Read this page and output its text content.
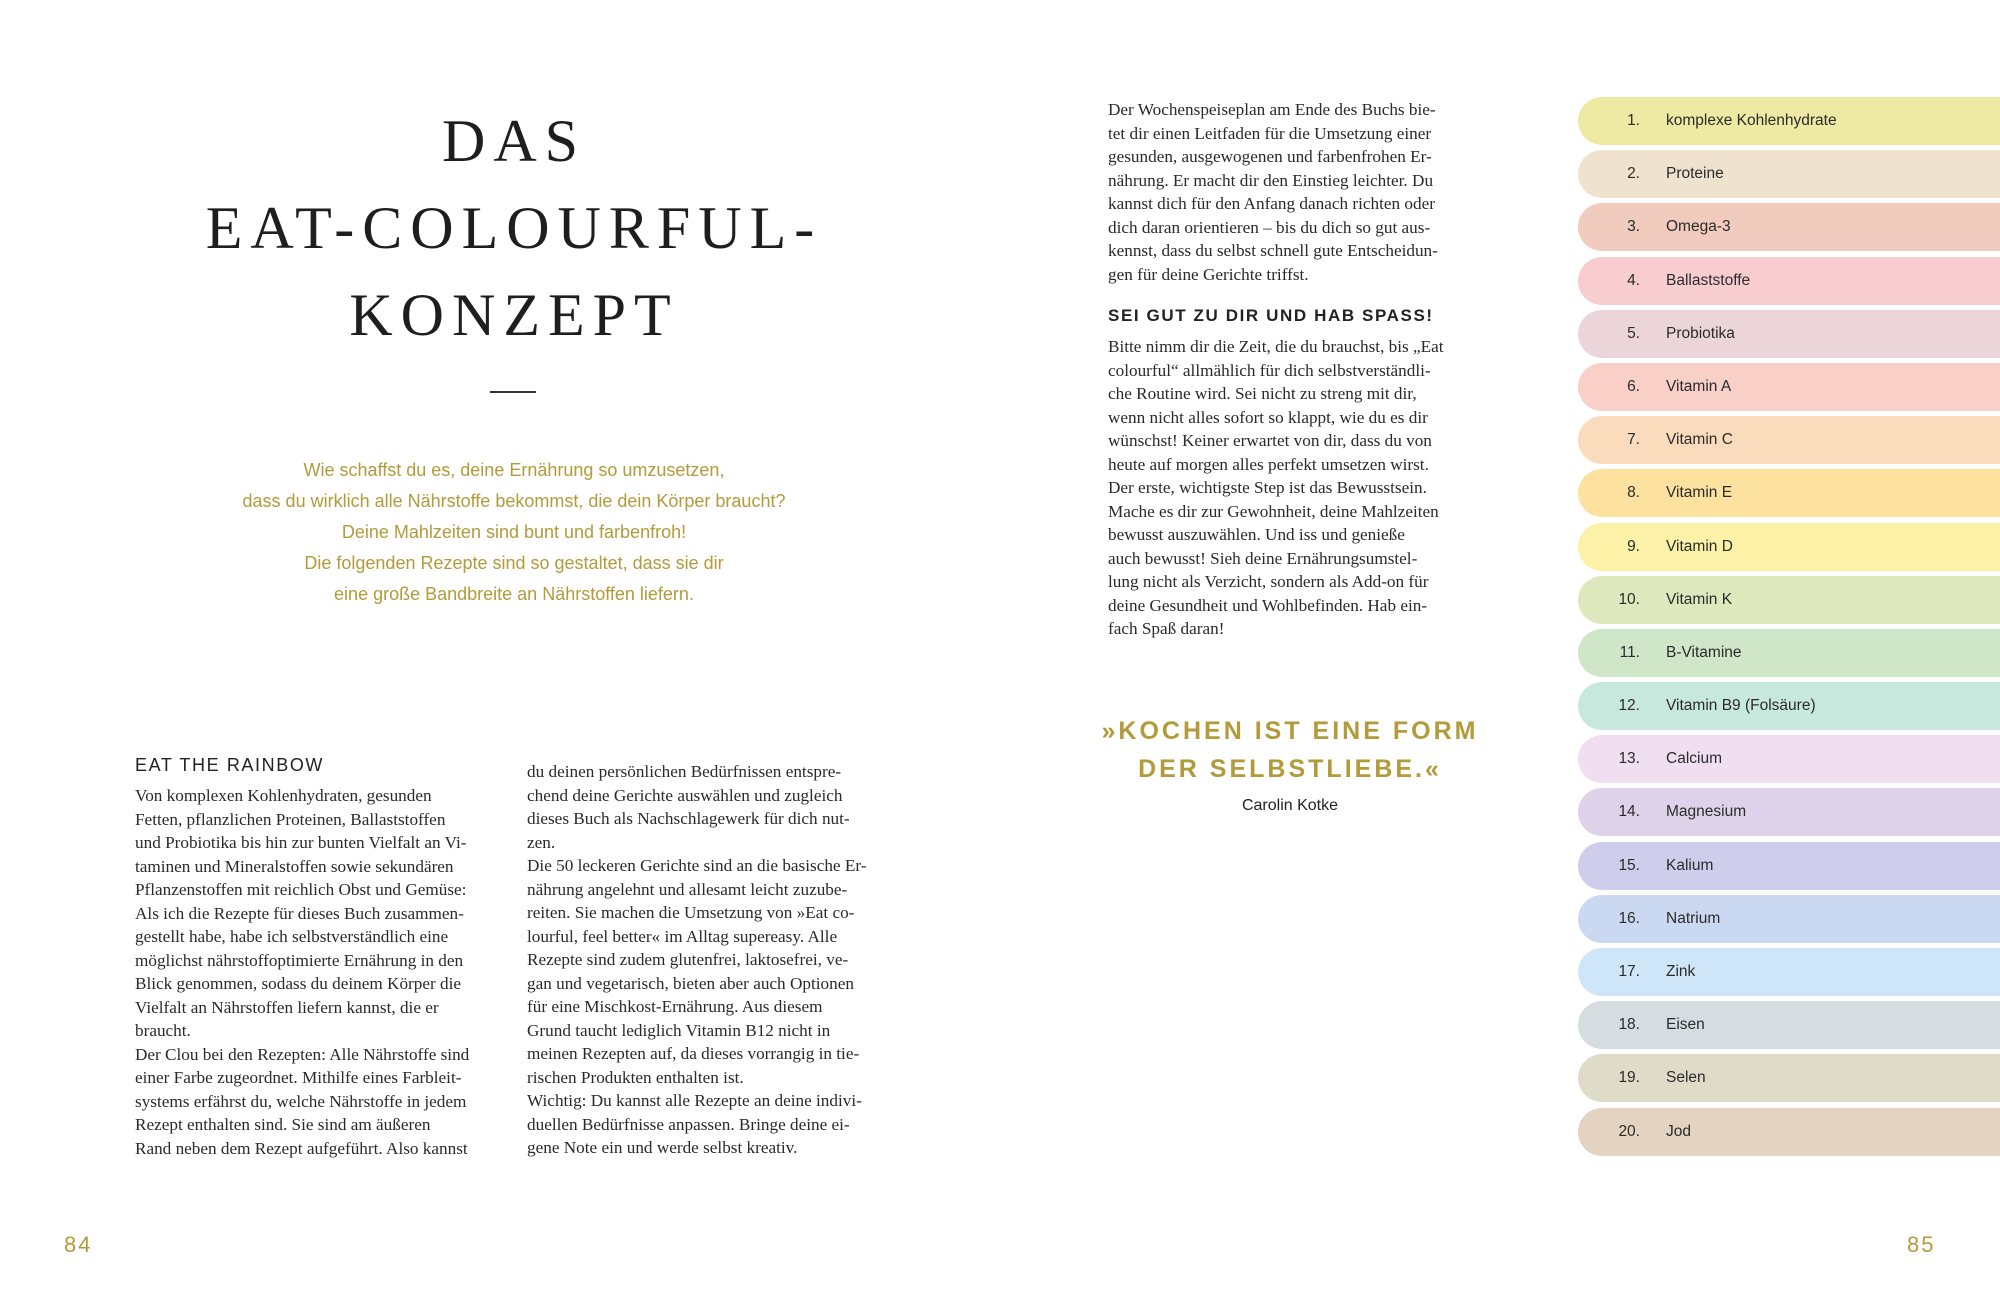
DAS
EAT-COLOURFUL-
KONZEPT
Wie schaffst du es, deine Ernährung so umzusetzen,
dass du wirklich alle Nährstoffe bekommst, die dein Körper braucht?
Deine Mahlzeiten sind bunt und farbenfroh!
Die folgenden Rezepte sind so gestaltet, dass sie dir
eine große Bandbreite an Nährstoffen liefern.
EAT THE RAINBOW
Von komplexen Kohlenhydraten, gesunden
Fetten, pflanzlichen Proteinen, Ballaststoffen
und Probiotika bis hin zur bunten Vielfalt an Vi-
taminen und Mineralstoffen sowie sekundären
Pflanzenstoffen mit reichlich Obst und Gemüse:
Als ich die Rezepte für dieses Buch zusammen-
gestellt habe, habe ich selbstverständlich eine
möglichst nährstoffoptimierte Ernährung in den
Blick genommen, sodass du deinem Körper die
Vielfalt an Nährstoffen liefern kannst, die er
braucht.
Der Clou bei den Rezepten: Alle Nährstoffe sind
einer Farbe zugeordnet. Mithilfe eines Farbleit-
systems erfährst du, welche Nährstoffe in jedem
Rezept enthalten sind. Sie sind am äußeren
Rand neben dem Rezept aufgeführt. Also kannst
du deinen persönlichen Bedürfnissen entspre-
chend deine Gerichte auswählen und zugleich
dieses Buch als Nachschlagewerk für dich nut-
zen.
Die 50 leckeren Gerichte sind an die basische Er-
nährung angelehnt und allesamt leicht zuzube-
reiten. Sie machen die Umsetzung von »Eat co-
lourful, feel better« im Alltag supereasy. Alle
Rezepte sind zudem glutenfrei, laktosefrei, ve-
gan und vegetarisch, bieten aber auch Optionen
für eine Mischkost-Ernährung. Aus diesem
Grund taucht lediglich Vitamin B12 nicht in
meinen Rezepten auf, da dieses vorrangig in tie-
rischen Produkten enthalten ist.
Wichtig: Du kannst alle Rezepte an deine indivi-
duellen Bedürfnisse anpassen. Bringe deine ei-
gene Note ein und werde selbst kreativ.
84
Der Wochenspeiseplan am Ende des Buchs bie-
tet dir einen Leitfaden für die Umsetzung einer
gesunden, ausgewogenen und farbenfrohen Er-
nährung. Er macht dir den Einstieg leichter. Du
kannst dich für den Anfang danach richten oder
dich daran orientieren – bis du dich so gut aus-
kennst, dass du selbst schnell gute Entscheidun-
gen für deine Gerichte triffst.
SEI GUT ZU DIR UND HAB SPASS!
Bitte nimm dir die Zeit, die du brauchst, bis „Eat
colourful“ allmählich für dich selbstverständli-
che Routine wird. Sei nicht zu streng mit dir,
wenn nicht alles sofort so klappt, wie du es dir
wünschst! Keiner erwartet von dir, dass du von
heute auf morgen alles perfekt umsetzen wirst.
Der erste, wichtigste Step ist das Bewusstsein.
Mache es dir zur Gewohnheit, deine Mahlzeiten
bewusst auszuwählen. Und iss und genieße
auch bewusst! Sieh deine Ernährungsumstel-
lung nicht als Verzicht, sondern als Add-on für
deine Gesundheit und Wohlbefinden. Hab ein-
fach Spaß daran!
»KOCHEN IST EINE FORM
DER SELBSTLIEBE.«
Carolin Kotke
1.	komplexe Kohlenhydrate
2.	Proteine
3.	Omega-3
4.	Ballaststoffe
5.	Probiotika
6.	Vitamin A
7.	Vitamin C
8.	Vitamin E
9.	Vitamin D
10.	Vitamin K
11.	B-Vitamine
12.	Vitamin B9 (Folsäure)
13.	Calcium
14.	Magnesium
15.	Kalium
16.	Natrium
17.	Zink
18.	Eisen
19.	Selen
20.	Jod
85
